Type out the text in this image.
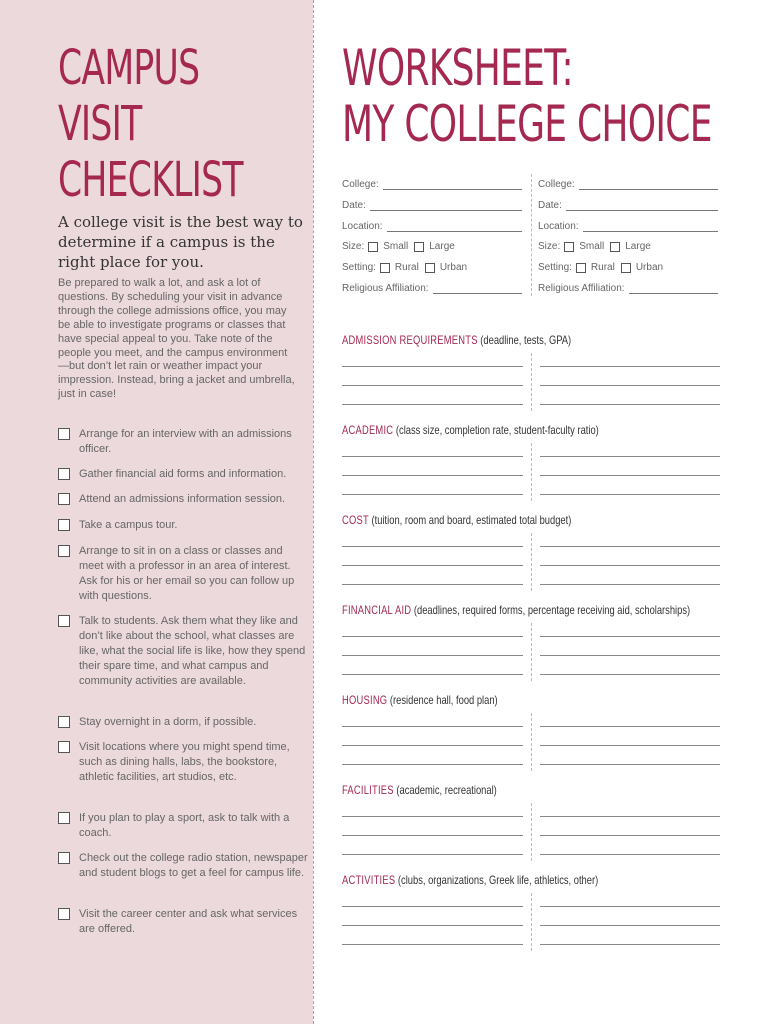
CAMPUS
VISIT
CHECKLIST
A college visit is the best way to determine if a campus is the right place for you.
Be prepared to walk a lot, and ask a lot of questions. By scheduling your visit in advance through the college admissions office, you may be able to investigate programs or classes that have special appeal to you. Take note of the people you meet, and the campus environment—but don’t let rain or weather impact your impression. Instead, bring a jacket and umbrella, just in case!
Arrange for an interview with an admissions officer.
Gather financial aid forms and information.
Attend an admissions information session.
Take a campus tour.
Arrange to sit in on a class or classes and meet with a professor in an area of interest. Ask for his or her email so you can follow up with questions.
Talk to students. Ask them what they like and don’t like about the school, what classes are like, what the social life is like, how they spend their spare time, and what campus and community activities are available.
Stay overnight in a dorm, if possible.
Visit locations where you might spend time, such as dining halls, labs, the bookstore, athletic facilities, art studios, etc.
If you plan to play a sport, ask to talk with a coach.
Check out the college radio station, newspaper and student blogs to get a feel for campus life.
Visit the career center and ask what services are offered.
WORKSHEET:
MY COLLEGE CHOICE
College:
Date:
Location:
Size: Small Large
Setting: Rural Urban
Religious Affiliation:
College:
Date:
Location:
Size: Small Large
Setting: Rural Urban
Religious Affiliation:
ADMISSION REQUIREMENTS (deadline, tests, GPA)
ACADEMIC (class size, completion rate, student-faculty ratio)
COST (tuition, room and board, estimated total budget)
FINANCIAL AID (deadlines, required forms, percentage receiving aid, scholarships)
HOUSING (residence hall, food plan)
FACILITIES (academic, recreational)
ACTIVITIES (clubs, organizations, Greek life, athletics, other)
